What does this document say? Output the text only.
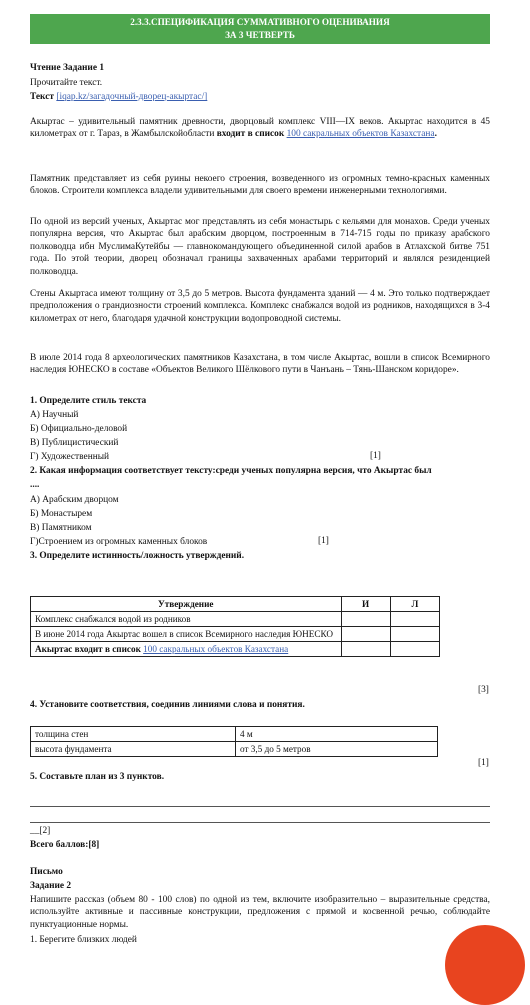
2.3.3.СПЕЦИФИКАЦИЯ СУММАТИВНОГО ОЦЕНИВАНИЯ
ЗА 3 ЧЕТВЕРТЬ
Чтение Задание 1
Прочитайте текст.
Текст [iqap.kz/загадочный-дворец-акыртас/]
Акыртас – удивительный памятник древности, дворцовый комплекс VIII—IX веков. Акыртас находится в 45 километрах от г. Тараз, в Жамбылскойобласти входит в список 100 сакральных объектов Казахстана.
Памятник представляет из себя руины некоего строения, возведенного из огромных темно-красных каменных блоков. Строители комплекса владели удивительными для своего времени инженерными технологиями.
По одной из версий ученых, Акыртас мог представлять из себя монастырь с кельями для монахов. Среди ученых популярна версия, что Акыртас был арабским дворцом, построенным в 714-715 годы по приказу арабского полководца ибн МуслимаКутейбы — главнокомандующего объединенной силой арабов в Атлахской битве 751 года. По этой теории, дворец обозначал границы захваченных арабами территорий и являлся резиденцией полководца.
Стены Акыртаса имеют толщину от 3,5 до 5 метров. Высота фундамента зданий — 4 м. Это только подтверждает предположения о грандиозности строений комплекса. Комплекс снабжался водой из родников, находящихся в 3-4 километрах от него, благодаря удачной конструкции водопроводной системы.
В июле 2014 года 8 археологических памятников Казахстана, в том числе Акыртас, вошли в список Всемирного наследия ЮНЕСКО в составе «Объектов Великого Шёлкового пути в Чанъань – Тянь-Шанском коридоре».
1. Определите стиль текста
А) Научный
Б) Официально-деловой
В) Публицистический
Г) Художественный	[1]
2. Какая информация соответствует тексту:среди ученых популярна версия, что Акыртас был
....
А) Арабским дворцом
Б) Монастырем
В) Памятником
Г)Строением из огромных каменных блоков	[1]
3. Определите истинность/ложность утверждений.
Утверждение	И	Л
Комплекс снабжался водой из родников		
В июне 2014 года Акыртас вошел в список Всемирного наследия ЮНЕСКО		
Акыртас входит в список 100 сакральных объектов Казахстана		
[3]
4. Установите соответствия, соединив линиями слова и понятия.
толщина стен	4 м
высота фундамента	от 3,5 до 5 метров
[1]
5. Составьте план из 3 пунктов.
__[2]
Всего баллов:[8]
Письмо
Задание 2
Напишите рассказ (объем 80 - 100 слов) по одной из тем, включите изобразительно – выразительные средства, используйте активные и пассивные конструкции, предложения с прямой и косвенной речью, соблюдайте пунктуационные нормы.
1. Берегите близких людей
